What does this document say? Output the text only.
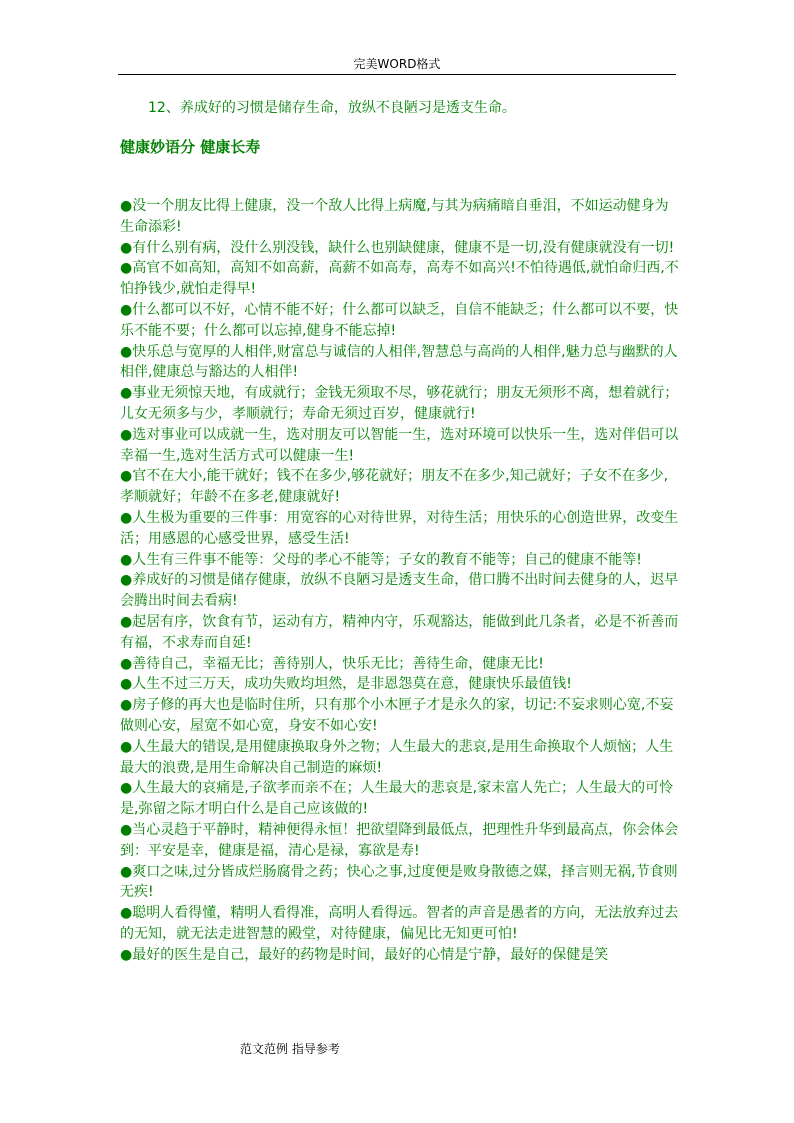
完美WORD格式
12、养成好的习惯是储存生命，放纵不良陋习是透支生命。
健康妙语分 健康长寿

●没一个朋友比得上健康，没一个敌人比得上病魔,与其为病痛暗自垂泪，不如运动健身为生命添彩!

●有什么别有病，没什么别没钱，缺什么也别缺健康，健康不是一切,没有健康就没有一切!

●高官不如高知，高知不如高薪，高薪不如高寿，高寿不如高兴!不怕待遇低,就怕命归西,不怕挣钱少,就怕走得早!

●什么都可以不好，心情不能不好；什么都可以缺乏，自信不能缺乏；什么都可以不要，快乐不能不要；什么都可以忘掉,健身不能忘掉!

●快乐总与宽厚的人相伴,财富总与诚信的人相伴,智慧总与高尚的人相伴,魅力总与幽默的人相伴,健康总与豁达的人相伴!

●事业无须惊天地，有成就行；金钱无须取不尽，够花就行；朋友无须形不离，想着就行；儿女无须多与少，孝顺就行；寿命无须过百岁，健康就行!

●选对事业可以成就一生，选对朋友可以智能一生，选对环境可以快乐一生，选对伴侣可以幸福一生,选对生活方式可以健康一生!

●官不在大小,能干就好；钱不在多少,够花就好；朋友不在多少,知己就好；子女不在多少,孝顺就好；年龄不在多老,健康就好!

●人生极为重要的三件事：用宽容的心对待世界，对待生活；用快乐的心创造世界，改变生活；用感恩的心感受世界，感受生活!

●人生有三件事不能等：父母的孝心不能等；子女的教育不能等；自己的健康不能等!

●养成好的习惯是储存健康，放纵不良陋习是透支生命，借口腾不出时间去健身的人，迟早会腾出时间去看病!

●起居有序，饮食有节，运动有方，精神内守，乐观豁达，能做到此几条者，必是不祈善而有福，不求寿而自延!

●善待自己，幸福无比；善待别人，快乐无比；善待生命，健康无比!

●人生不过三万天，成功失败均坦然，是非恩怨莫在意，健康快乐最值钱!

●房子修的再大也是临时住所，只有那个小木匣子才是永久的家，切记:不妄求则心宽,不妄做则心安，屋宽不如心宽，身安不如心安!

●人生最大的错误,是用健康换取身外之物；人生最大的悲哀,是用生命换取个人烦恼；人生最大的浪费,是用生命解决自己制造的麻烦!

●人生最大的哀痛是,子欲孝而亲不在；人生最大的悲哀是,家未富人先亡；人生最大的可怜是,弥留之际才明白什么是自己应该做的!

●当心灵趋于平静时，精神便得永恒！把欲望降到最低点，把理性升华到最高点，你会体会到：平安是幸，健康是福，清心是禄，寡欲是寿!

●爽口之味,过分皆成烂肠腐骨之药；快心之事,过度便是败身散德之媒，择言则无祸,节食则无疾!

●聪明人看得懂，精明人看得准，高明人看得远。智者的声音是愚者的方向，无法放弃过去的无知，就无法走进智慧的殿堂，对待健康，偏见比无知更可怕!

●最好的医生是自己，最好的药物是时间，最好的心情是宁静，最好的保健是笑

范文范例 指导参考
